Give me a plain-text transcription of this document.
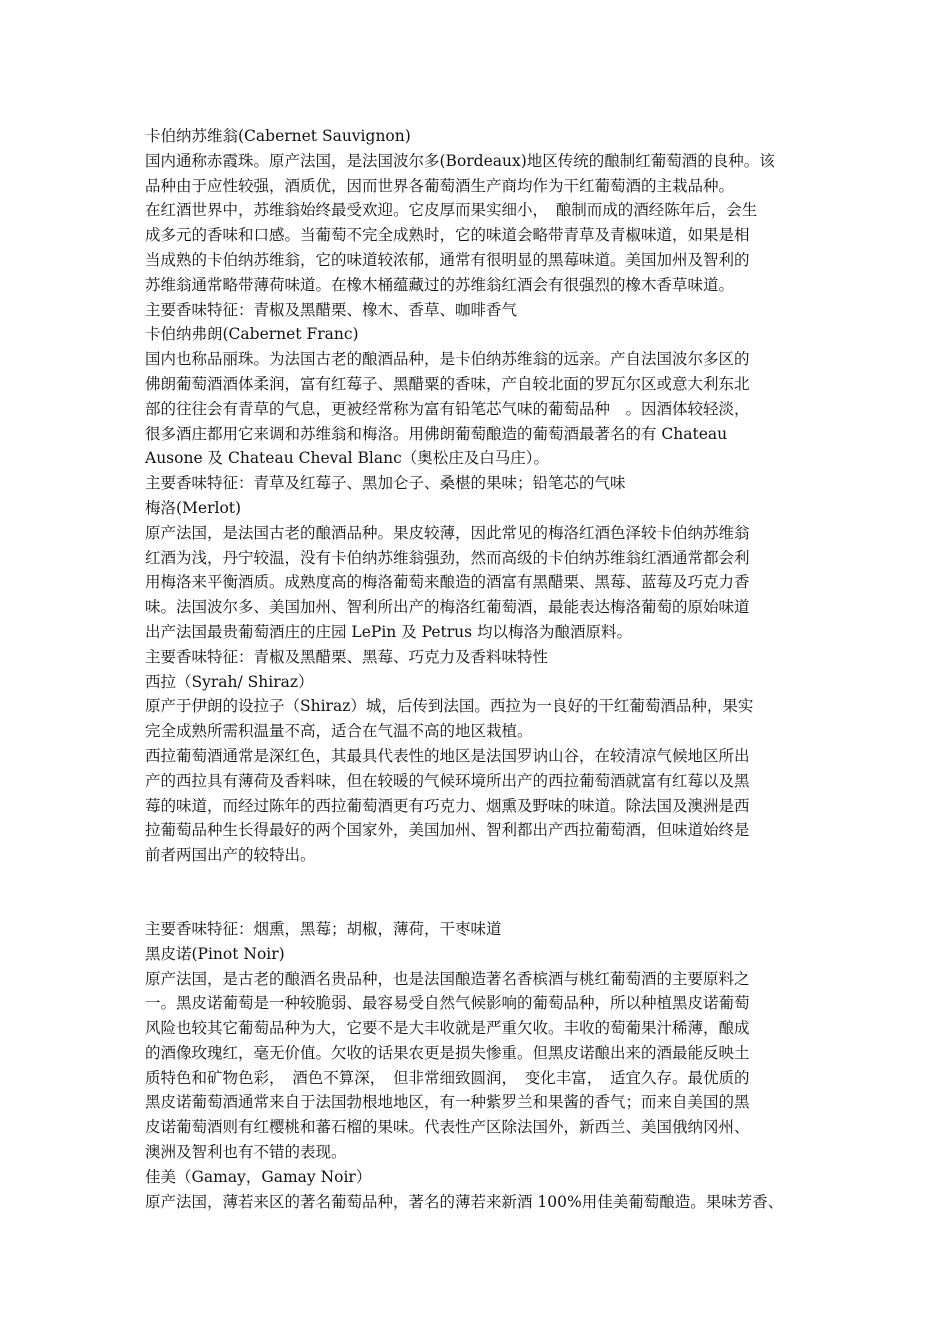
卡伯纳苏维翁(Cabernet Sauvignon)
国内通称赤霞珠。原产法国，是法国波尔多(Bordeaux)地区传统的酿制红葡萄酒的良种。该
品种由于应性较强，酒质优，因而世界各葡萄酒生产商均作为干红葡萄酒的主栽品种。
在红酒世界中，苏维翁始终最受欢迎。它皮厚而果实细小，　酿制而成的酒经陈年后，会生
成多元的香味和口感。当葡萄不完全成熟时，它的味道会略带青草及青椒味道，如果是相
当成熟的卡伯纳苏维翁，它的味道较浓郁，通常有很明显的黑莓味道。美国加州及智利的
苏维翁通常略带薄荷味道。在橡木桶蕴藏过的苏维翁红酒会有很强烈的橡木香草味道。
主要香味特征：青椒及黑醋栗、橡木、香草、咖啡香气
卡伯纳弗朗(Cabernet Franc)
国内也称品丽珠。为法国古老的酿酒品种，是卡伯纳苏维翁的远亲。产自法国波尔多区的
佛朗葡萄酒酒体柔润，富有红莓子、黑醋粟的香味，产自较北面的罗瓦尔区或意大利东北
部的往往会有青草的气息，更被经常称为富有铅笔芯气味的葡萄品种　。因酒体较轻淡，
很多酒庄都用它来调和苏维翁和梅洛。用佛朗葡萄酿造的葡萄酒最著名的有 Chateau
Ausone 及 Chateau Cheval Blanc（奥松庄及白马庄）。
主要香味特征：青草及红莓子、黑加仑子、桑椹的果味；铅笔芯的气味
梅洛(Merlot)
原产法国，是法国古老的酿酒品种。果皮较薄，因此常见的梅洛红酒色泽较卡伯纳苏维翁
红酒为浅，丹宁较温，没有卡伯纳苏维翁强劲，然而高级的卡伯纳苏维翁红酒通常都会利
用梅洛来平衡酒质。成熟度高的梅洛葡萄来酿造的酒富有黑醋栗、黑莓、蓝莓及巧克力香
味。法国波尔多、美国加州、智利所出产的梅洛红葡萄酒，最能表达梅洛葡萄的原始味道
出产法国最贵葡萄酒庄的庄园 LePin 及 Petrus 均以梅洛为酿酒原料。
主要香味特征：青椒及黑醋栗、黑莓、巧克力及香料味特性
西拉（Syrah/ Shiraz）
原产于伊朗的设拉子（Shiraz）城，后传到法国。西拉为一良好的干红葡萄酒品种，果实
完全成熟所需积温量不高，适合在气温不高的地区栽植。
西拉葡萄酒通常是深红色，其最具代表性的地区是法国罗讷山谷，在较清凉气候地区所出
产的西拉具有薄荷及香料味，但在较暖的气候环境所出产的西拉葡萄酒就富有红莓以及黑
莓的味道，而经过陈年的西拉葡萄酒更有巧克力、烟熏及野味的味道。除法国及澳洲是西
拉葡萄品种生长得最好的两个国家外，美国加州、智利都出产西拉葡萄酒，但味道始终是
前者两国出产的较特出。
主要香味特征：烟熏，黑莓；胡椒，薄荷，干枣味道
黑皮诺(Pinot Noir)
原产法国，是古老的酿酒名贵品种，也是法国酿造著名香槟酒与桃红葡萄酒的主要原料之
一。黑皮诺葡萄是一种较脆弱、最容易受自然气候影响的葡萄品种，所以种植黑皮诺葡萄
风险也较其它葡萄品种为大，它要不是大丰收就是严重欠收。丰收的萄葡果汁稀薄，酿成
的酒像玫瑰红，毫无价值。欠收的话果农更是损失惨重。但黑皮诺酿出来的酒最能反映土
质特色和矿物色彩，　酒色不算深，　但非常细致圆润，　变化丰富，　适宜久存。最优质的
黑皮诺葡萄酒通常来自于法国勃根地地区，有一种紫罗兰和果酱的香气；而来自美国的黑
皮诺葡萄酒则有红樱桃和蕃石榴的果味。代表性产区除法国外，新西兰、美国俄纳冈州、
澳洲及智利也有不错的表现。
佳美（Gamay，Gamay Noir）
原产法国，薄若来区的著名葡萄品种，著名的薄若来新酒 100%用佳美葡萄酿造。果味芳香、
